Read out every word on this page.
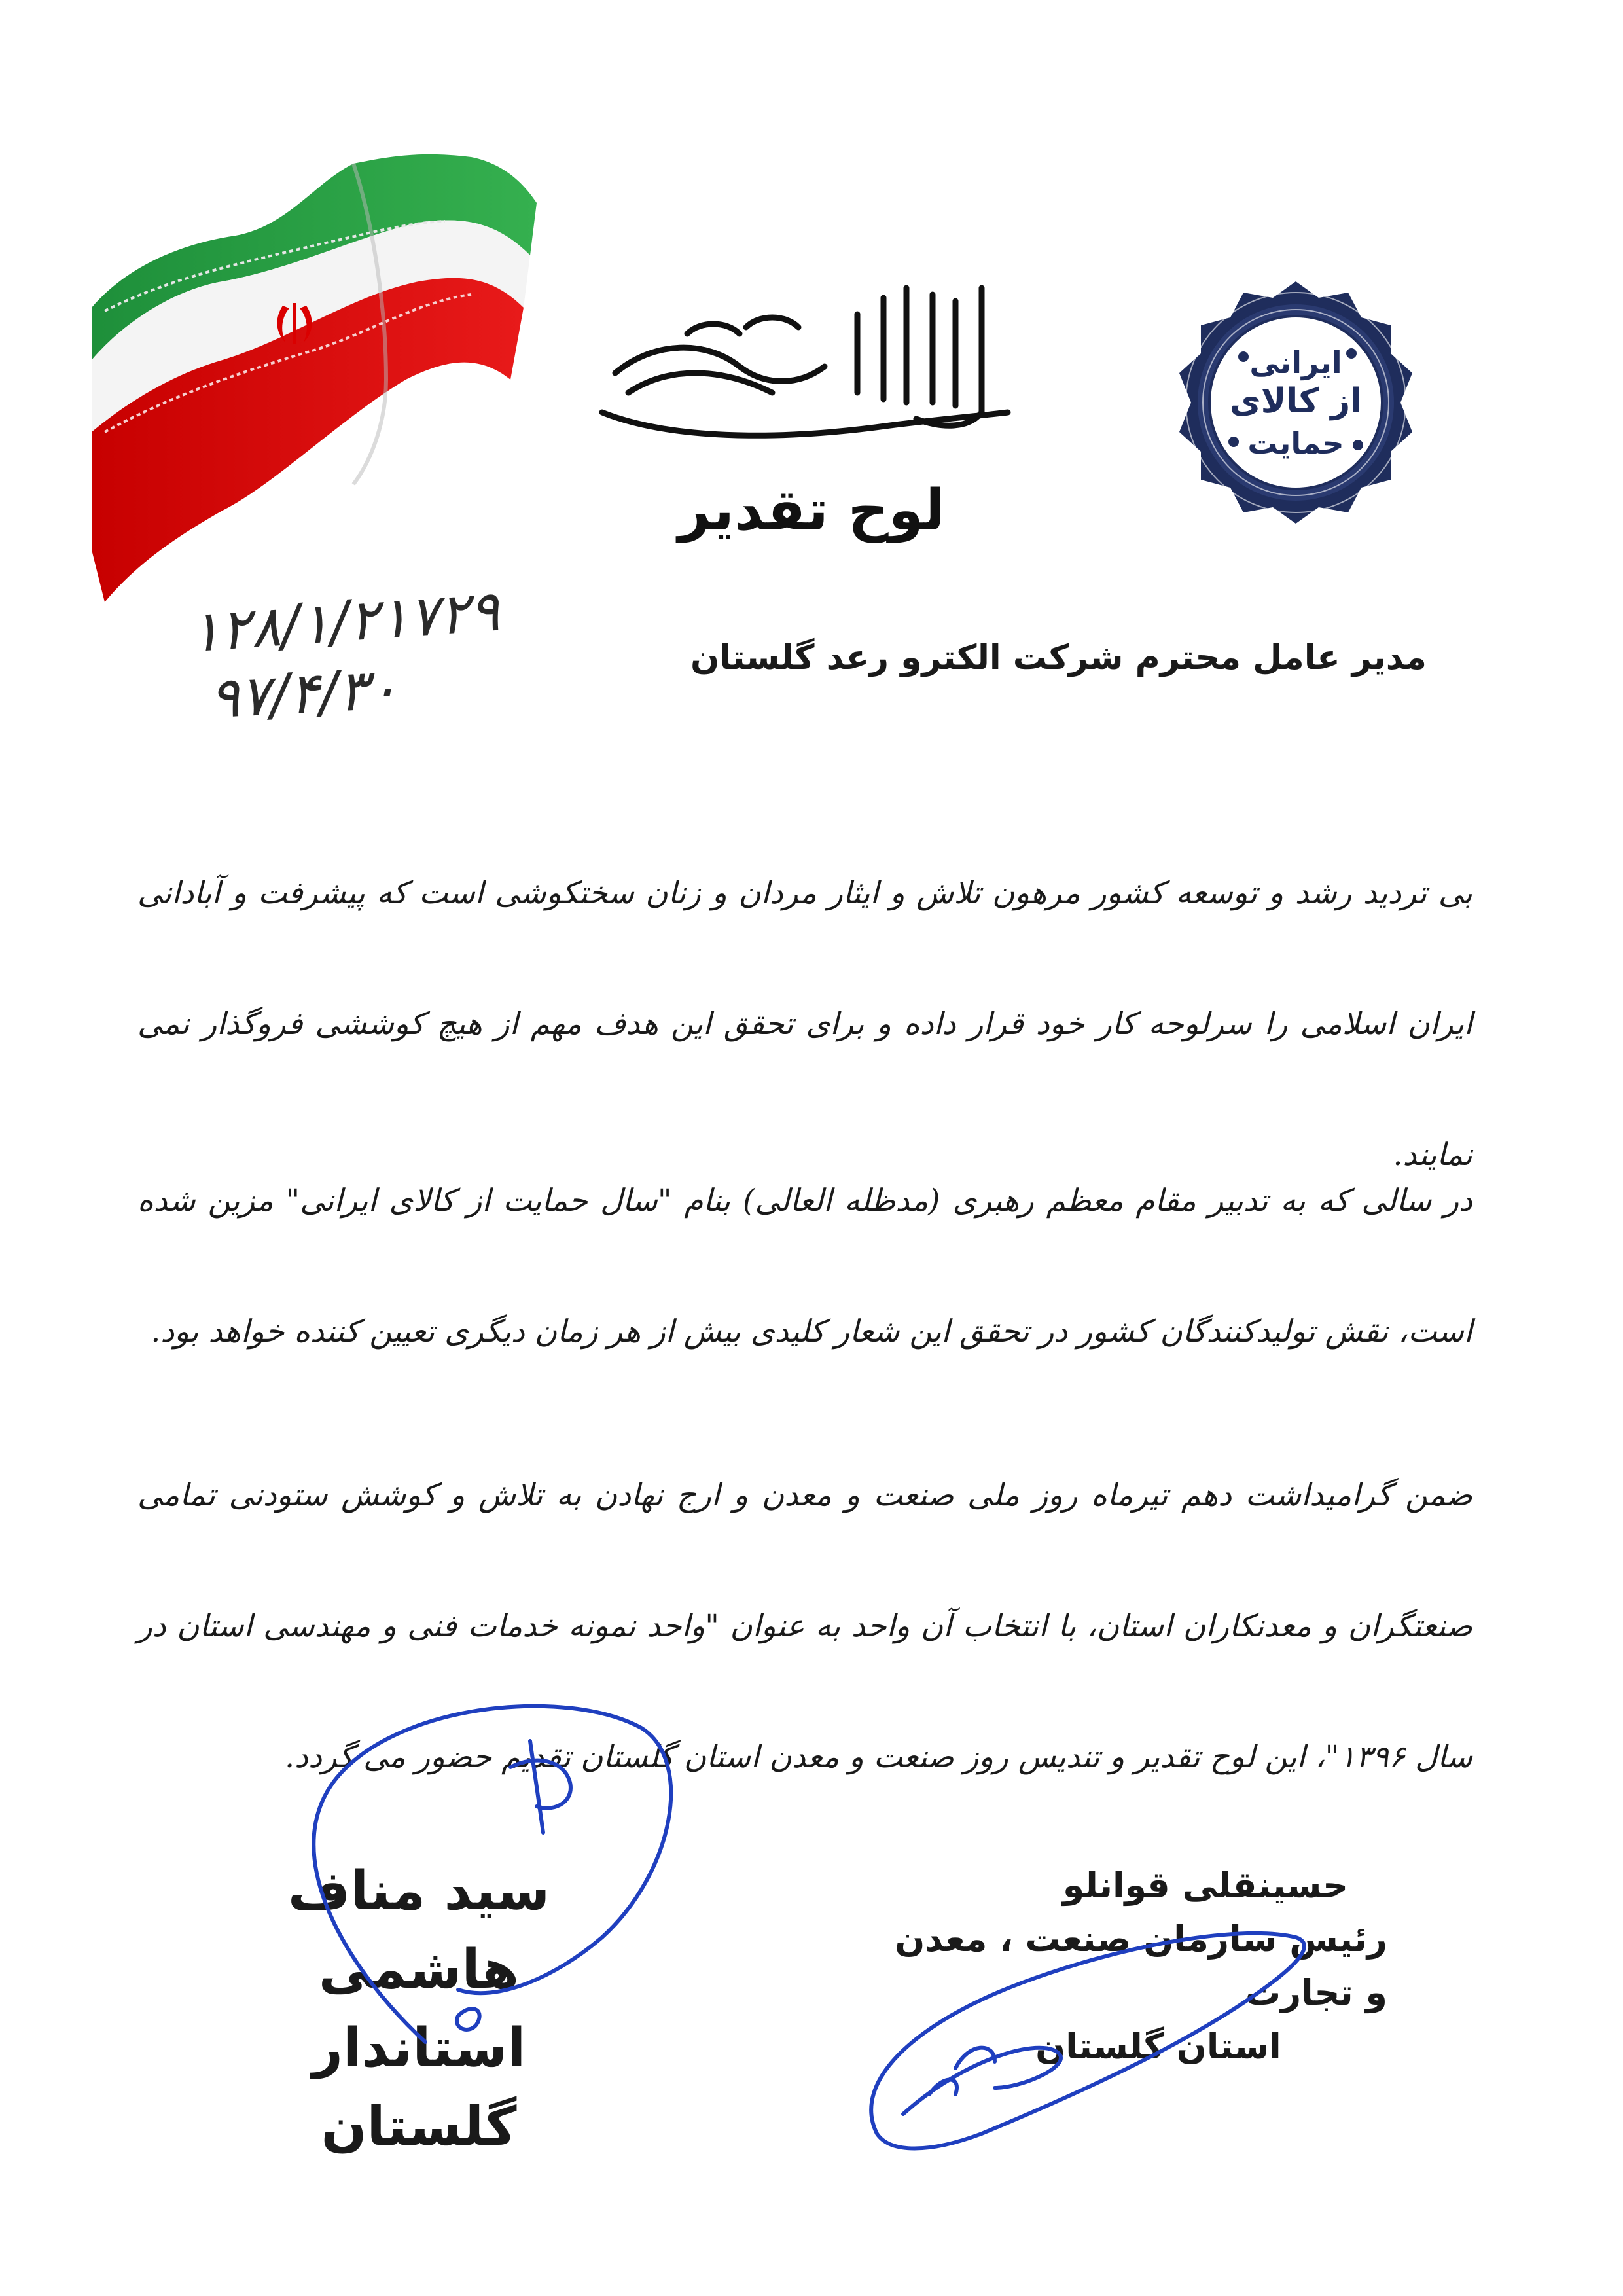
ایرانی
از کالای
حمایت
لوح تقدیر
۱۲۸/۱/۲۱۷۲۹
۹۷/۴/۳۰	مدیر عامل محترم شرکت الکترو رعد گلستان
بی تردید رشد و توسعه کشور مرهون تلاش و ایثار مردان و زنان سختکوشی است که پیشرفت و آبادانی ایران اسلامی را سرلوحه کار خود قرار داده و برای تحقق این هدف مهم از هیچ کوششی فروگذار نمی نمایند.
در سالی که به تدبیر مقام معظم رهبری (مدظله العالی) بنام "سال حمایت از کالای ایرانی" مزین شده است، نقش تولیدکنندگان کشور در تحقق این شعار کلیدی بیش از هر زمان دیگری تعیین کننده خواهد بود.
ضمن گرامیداشت دهم تیرماه روز ملی صنعت و معدن و ارج نهادن به تلاش و کوشش ستودنی تمامی صنعتگران و معدنکاران استان، با انتخاب آن واحد به عنوان "واحد نمونه خدمات فنی و مهندسی استان در سال ۱۳۹۶"، این لوح تقدیر و تندیس روز صنعت و معدن استان گلستان تقدیم حضور می گردد.
سید مناف هاشمی
استاندار گلستان
حسینقلی قوانلو
رئیس سازمان صنعت ، معدن و تجارت
استان گلستان
